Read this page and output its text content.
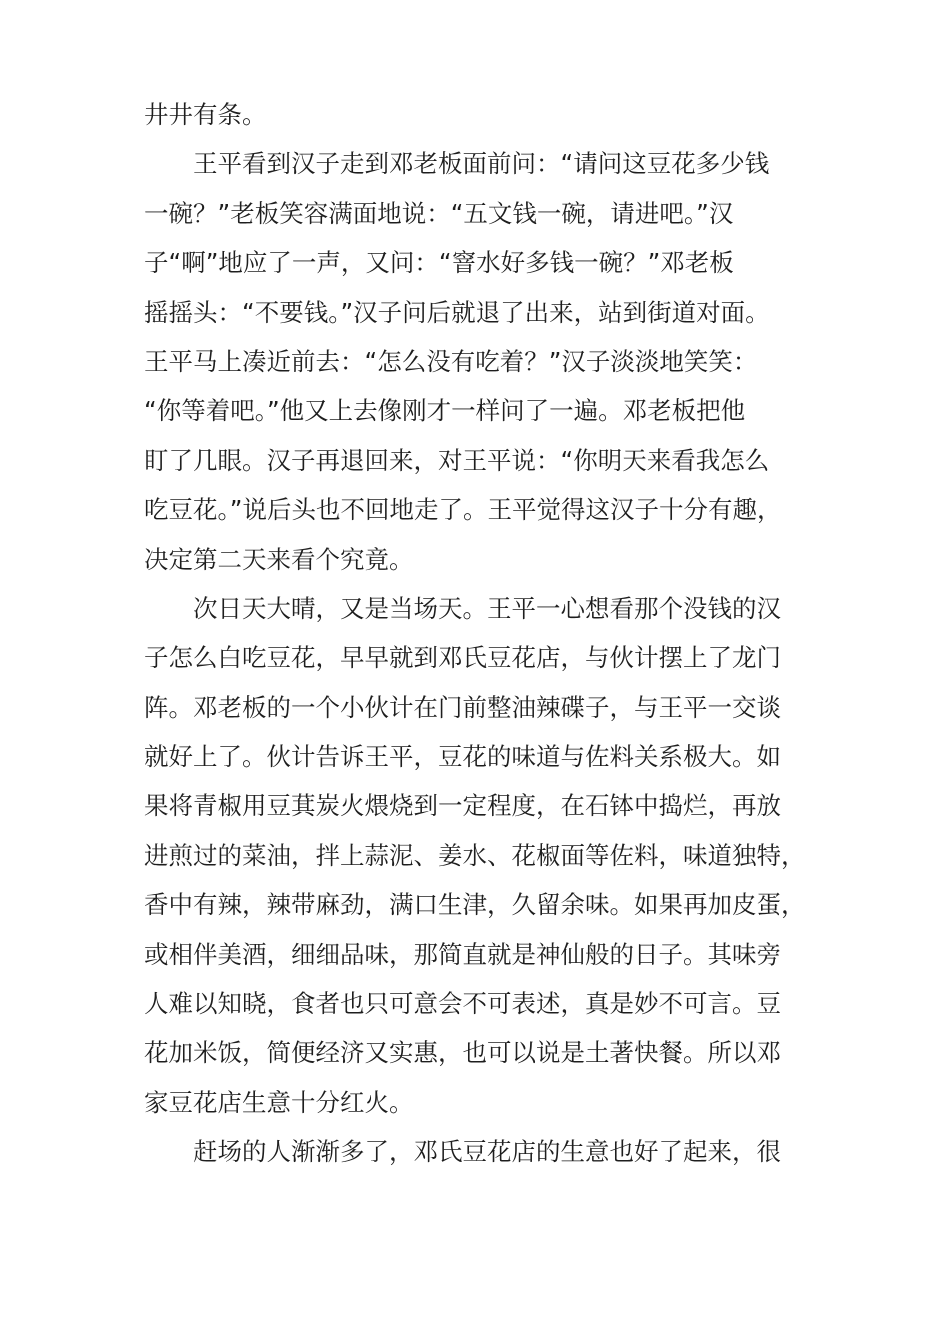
井井有条。
王平看到汉子走到邓老板面前问：“请问这豆花多少钱
一碗？”老板笑容满面地说：“五文钱一碗，请进吧。”汉
子“啊”地应了一声，又问：“窨水好多钱一碗？”邓老板
摇摇头：“不要钱。”汉子问后就退了出来，站到街道对面。
王平马上凑近前去：“怎么没有吃着？”汉子淡淡地笑笑：
“你等着吧。”他又上去像刚才一样问了一遍。邓老板把他
盯了几眼。汉子再退回来，对王平说：“你明天来看我怎么
吃豆花。”说后头也不回地走了。王平觉得这汉子十分有趣，
决定第二天来看个究竟。
次日天大晴，又是当场天。王平一心想看那个没钱的汉
子怎么白吃豆花，早早就到邓氏豆花店，与伙计摆上了龙门
阵。邓老板的一个小伙计在门前整油辣碟子，与王平一交谈
就好上了。伙计告诉王平，豆花的味道与佐料关系极大。如
果将青椒用豆萁炭火煨烧到一定程度，在石钵中捣烂，再放
进煎过的菜油，拌上蒜泥、姜水、花椒面等佐料，味道独特，
香中有辣，辣带麻劲，满口生津，久留余味。如果再加皮蛋，
或相伴美酒，细细品味，那简直就是神仙般的日子。其味旁
人难以知晓，食者也只可意会不可表述，真是妙不可言。豆
花加米饭，简便经济又实惠，也可以说是土著快餐。所以邓
家豆花店生意十分红火。
赶场的人渐渐多了，邓氏豆花店的生意也好了起来，很
